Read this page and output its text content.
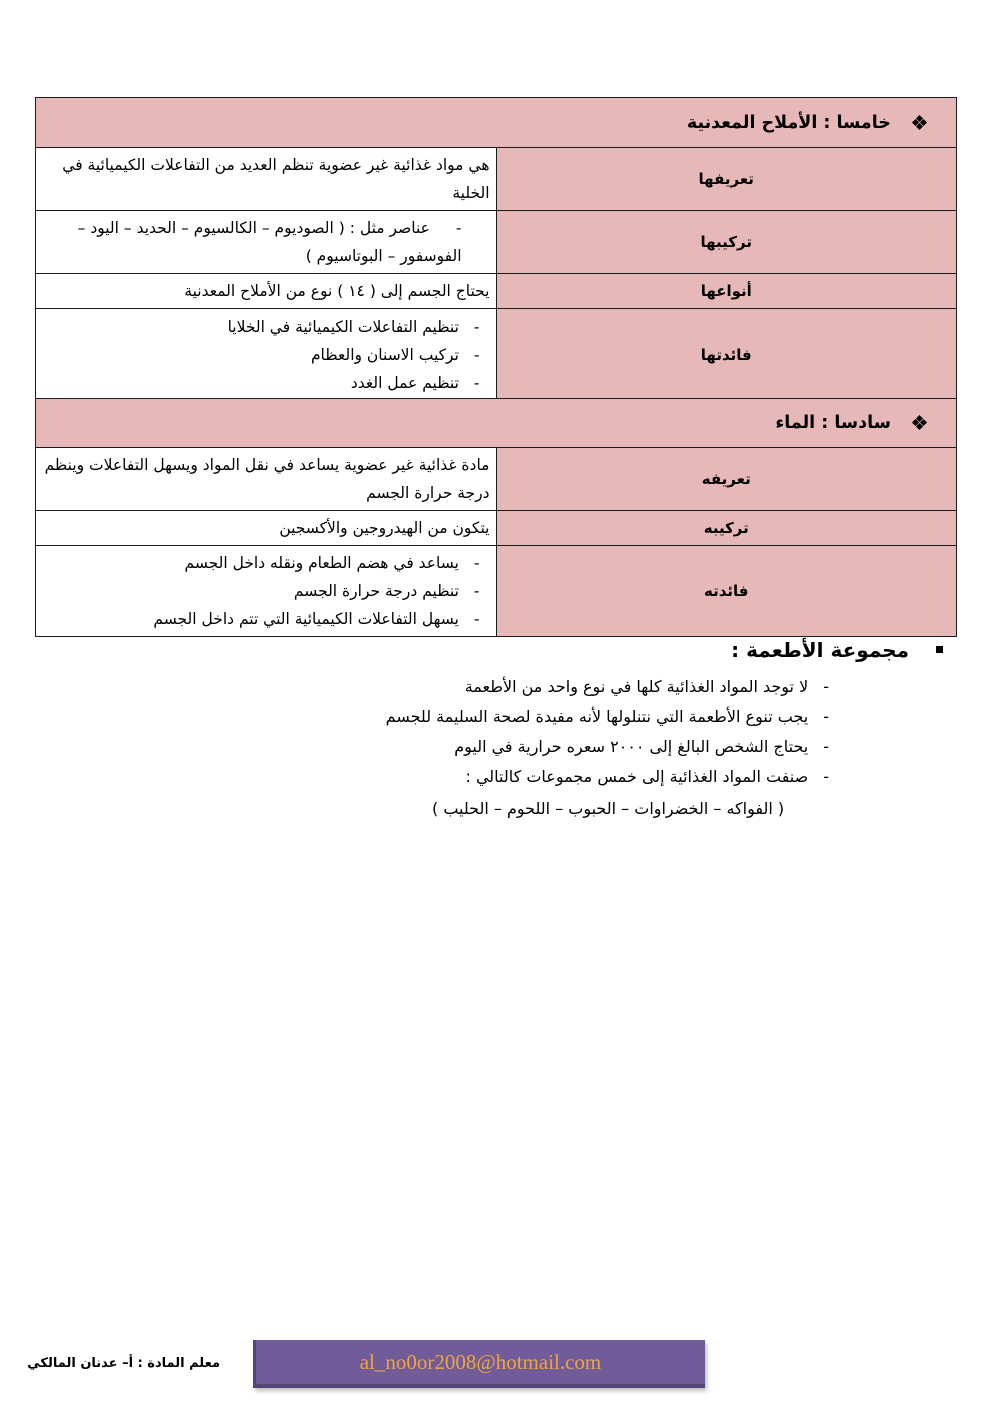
خامسا : الأملاح المعدنية	
تعريفها	هي مواد غذائية غير عضوية تنظم العديد من التفاعلات الكيميائية في الخلية

تركيبها	-عناصر مثل : ( الصوديوم – الكالسيوم – الحديد – اليود – الفوسفور – البوتاسيوم )

أنواعها	يحتاج الجسم إلى ( ١٤ ) نوع من الأملاح المعدنية

فائدتها	-تنظيم التفاعلات الكيميائية في الخلايا
-تركيب الاسنان والعظام
-تنظيم عمل الغدد
سادسا : الماء	
تعريفه	مادة غذائية غير عضوية يساعد في نقل المواد ويسهل التفاعلات وينظم درجة حرارة الجسم

تركيبه	يتكون من الهيدروجين والأكسجين

فائدته	-يساعد في هضم الطعام ونقله داخل الجسم
-تنظيم درجة حرارة الجسم
-يسهل التفاعلات الكيميائية التي تتم داخل الجسم
مجموعة الأطعمة :
-لا توجد المواد الغذائية كلها في نوع واحد من الأطعمة
-يجب تنوع الأطعمة التي نتنلولها لأنه مفيدة لصحة السليمة للجسم
-يحتاج الشخص البالغ إلى ٢٠٠٠ سعره حرارية في اليوم
-صنفت المواد الغذائية إلى خمس مجموعات كالتالي :
( الفواكه – الخضراوات – الحبوب – اللحوم – الحليب )
معلم المادة : أ– عدنان المالكي	al_no0or2008@hotmail.com
